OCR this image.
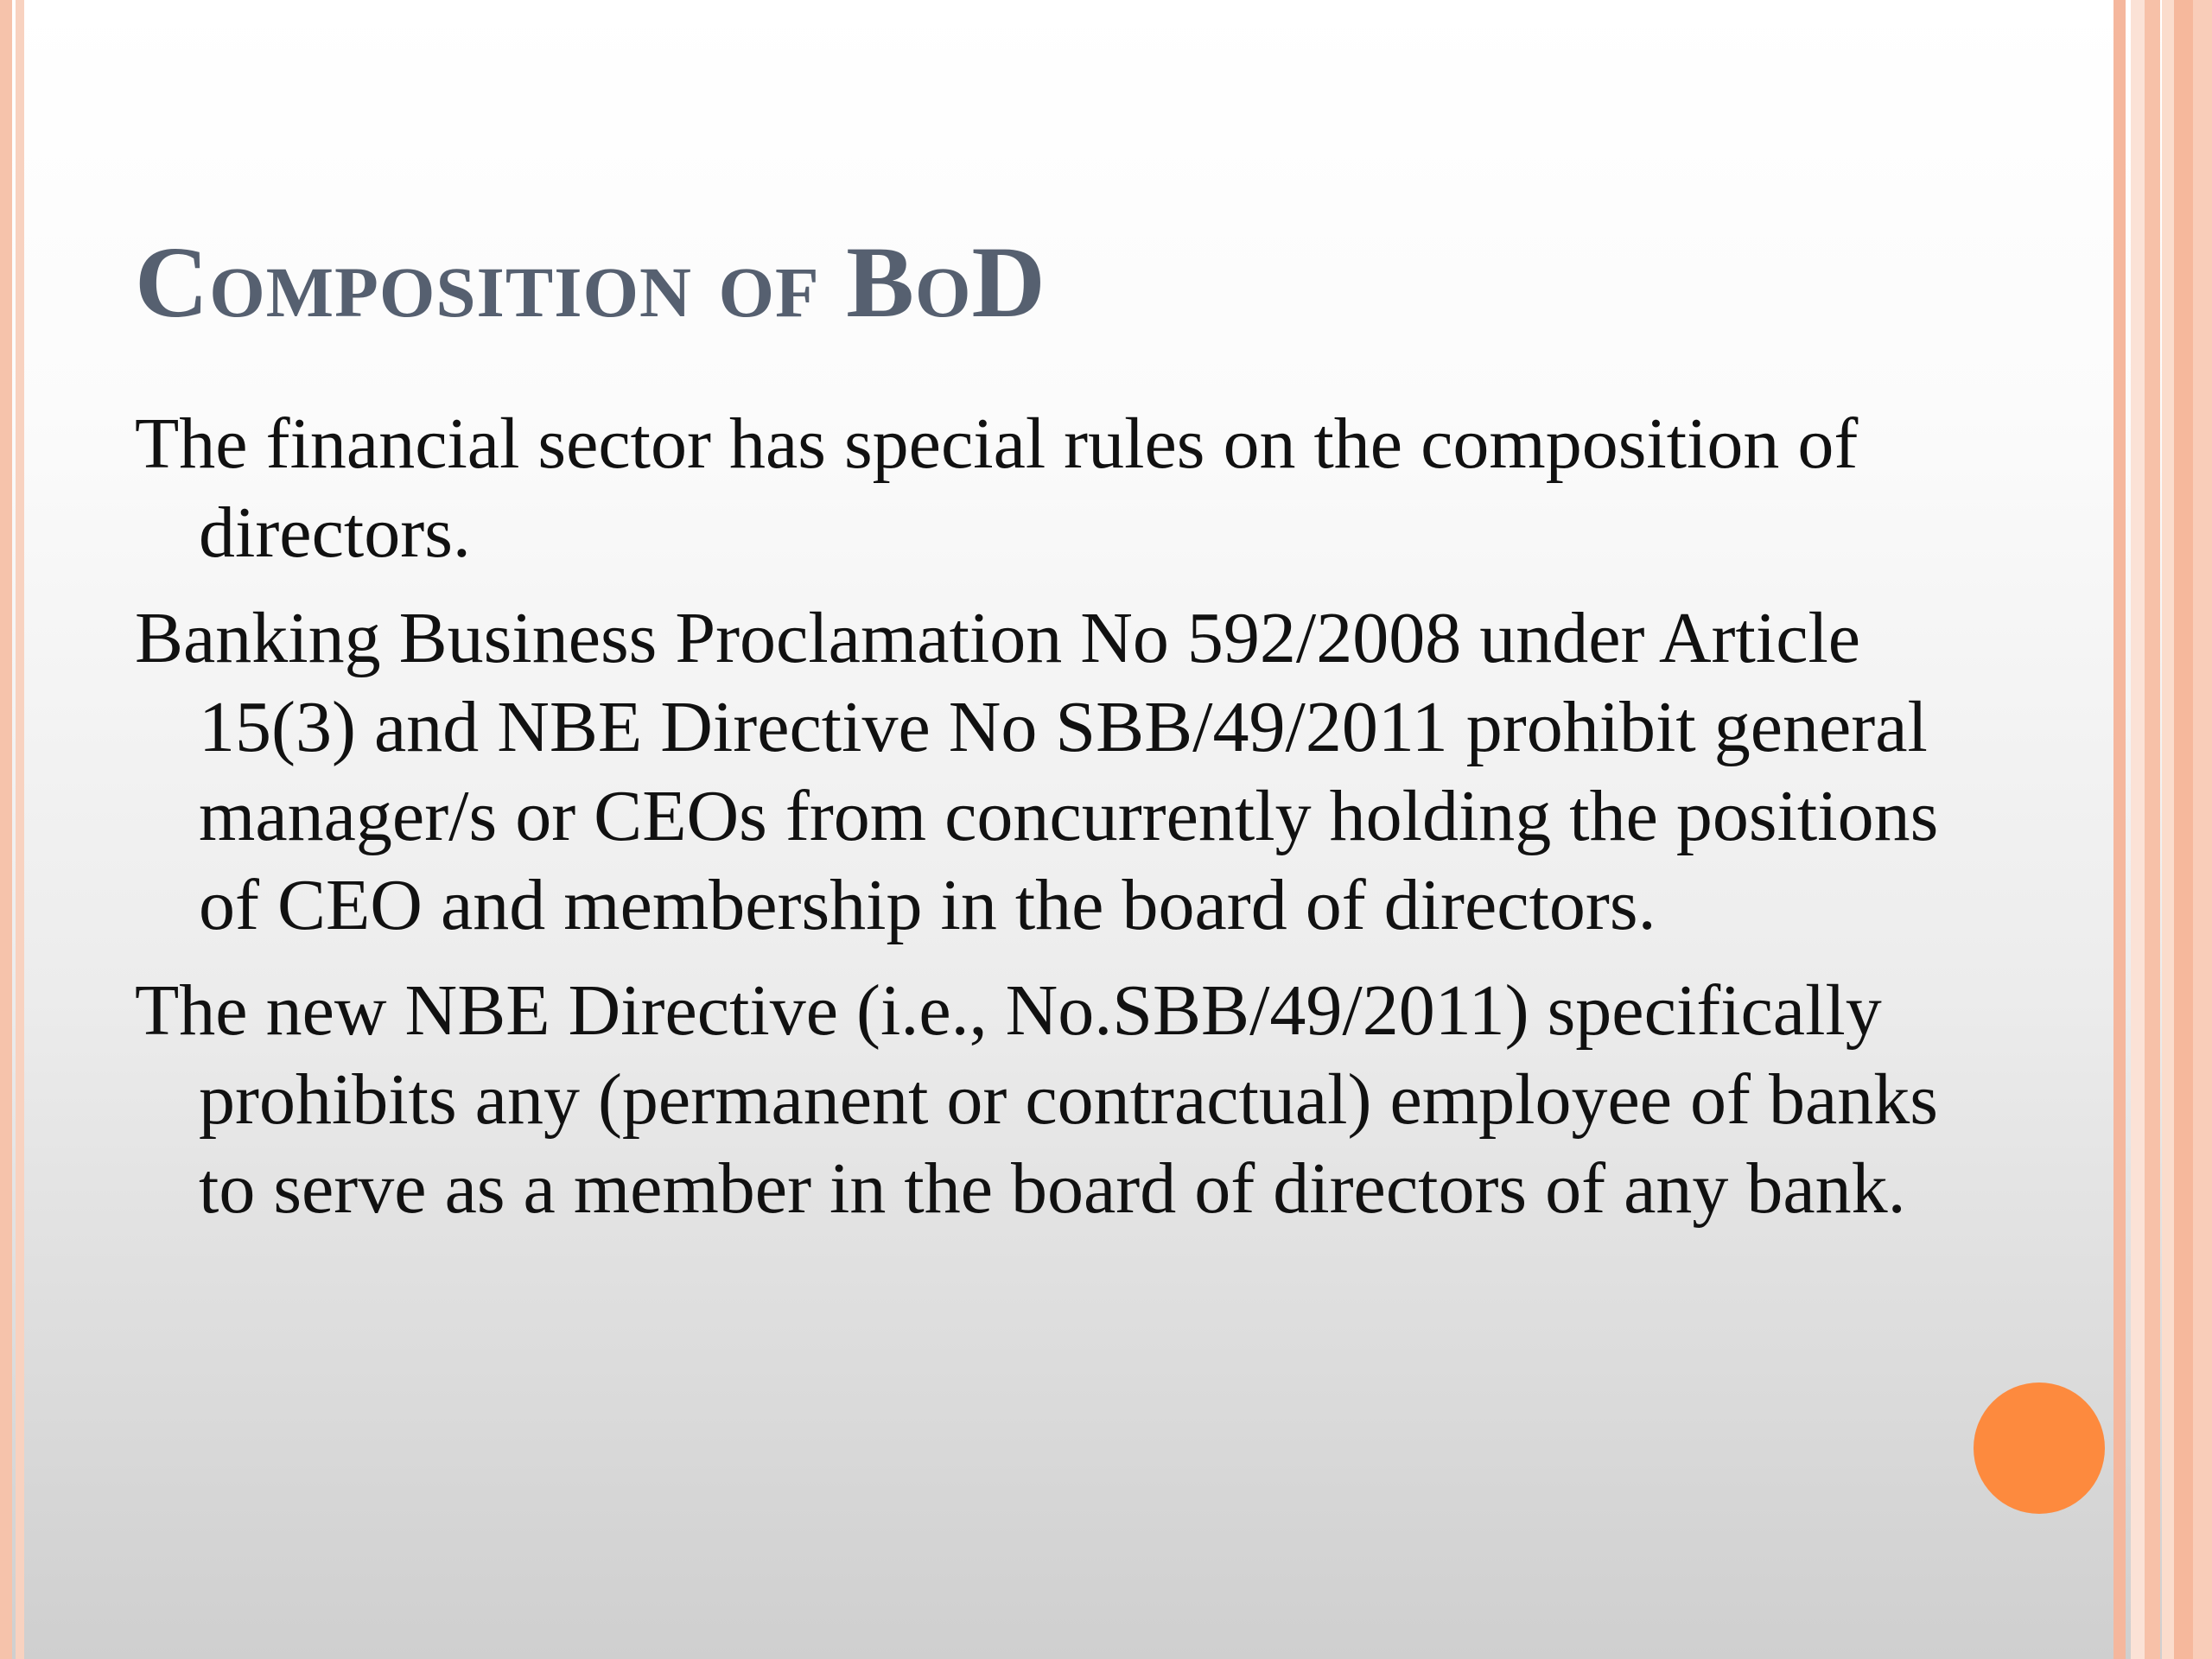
Composition of BoD
The financial sector has special rules on the composition of directors.
Banking Business Proclamation No 592/2008 under Article 15(3) and NBE Directive No SBB/49/2011 prohibit general manager/s or CEOs from concurrently holding the positions of CEO and membership in the board of directors.
The new NBE Directive (i.e., No.SBB/49/2011) specifically prohibits any (permanent or contractual) employee of banks to serve as a member in the board of directors of any bank.
